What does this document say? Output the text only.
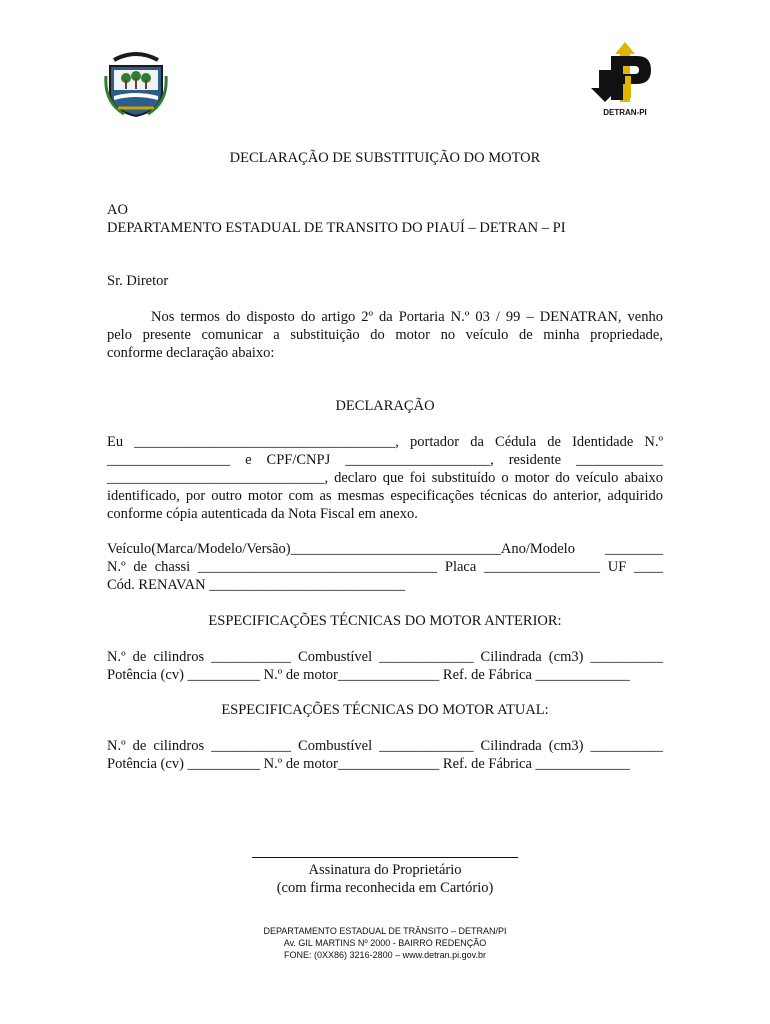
DETRAN-PI
DECLARAÇÃO DE SUBSTITUIÇÃO DO MOTOR
AO
DEPARTAMENTO ESTADUAL DE TRANSITO DO PIAUÍ – DETRAN – PI
Sr. Diretor
Nos termos do disposto do artigo 2º da Portaria N.º 03 / 99 – DENATRAN, venho
pelo presente comunicar a substituição do motor no veículo de minha propriedade,
conforme declaração abaixo:
DECLARAÇÃO
Eu ____________________________________, portador da Cédula de Identidade N.º
_________________ e CPF/CNPJ ____________________, residente ____________
______________________________, declaro que foi substituído o motor do veículo abaixo
identificado, por outro motor com as mesmas especificações técnicas do anterior, adquirido
conforme cópia autenticada da Nota Fiscal em anexo.
Veículo(Marca/Modelo/Versão)_____________________________Ano/Modelo ________
N.º de chassi _________________________________ Placa ________________ UF ____
Cód. RENAVAN ___________________________
ESPECIFICAÇÕES TÉCNICAS DO MOTOR ANTERIOR:
N.º de cilindros ___________ Combustível _____________ Cilindrada (cm3) __________
Potência (cv) __________ N.º de motor______________ Ref. de Fábrica _____________
ESPECIFICAÇÕES TÉCNICAS DO MOTOR ATUAL:
N.º de cilindros ___________ Combustível _____________ Cilindrada (cm3) __________
Potência (cv) __________ N.º de motor______________ Ref. de Fábrica _____________
Assinatura do Proprietário
(com firma reconhecida em Cartório)
DEPARTAMENTO ESTADUAL DE TRÂNSITO – DETRAN/PI
Av. GIL MARTINS Nº 2000 - BAIRRO REDENÇÃO
FONE: (0XX86) 3216-2800 – www.detran.pi.gov.br
